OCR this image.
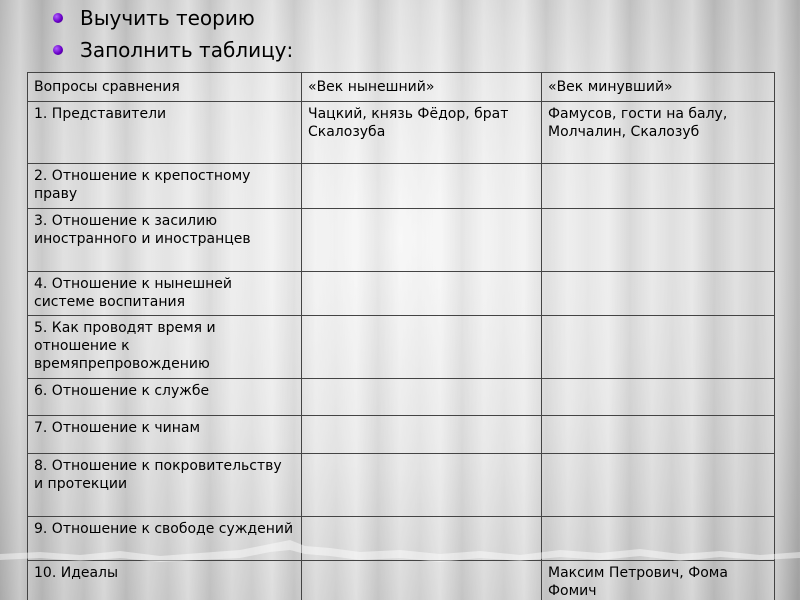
Выучить теорию
Заполнить таблицу:
Вопросы сравнения	«Век нынешний»	«Век минувший»
1. Представители	Чацкий, князь Фёдор, брат Скалозуба	Фамусов, гости на балу, Молчалин, Скалозуб
2. Отношение к крепостному праву		
3. Отношение к засилию иностранного и иностранцев		
4. Отношение к нынешней системе воспитания		
5. Как проводят время и отношение к времяпрепровождению		
6. Отношение к службе		
7. Отношение к чинам		
8. Отношение к покровительству и протекции		
9. Отношение к свободе суждений		
10. Идеалы		Максим Петрович, Фома Фомич
